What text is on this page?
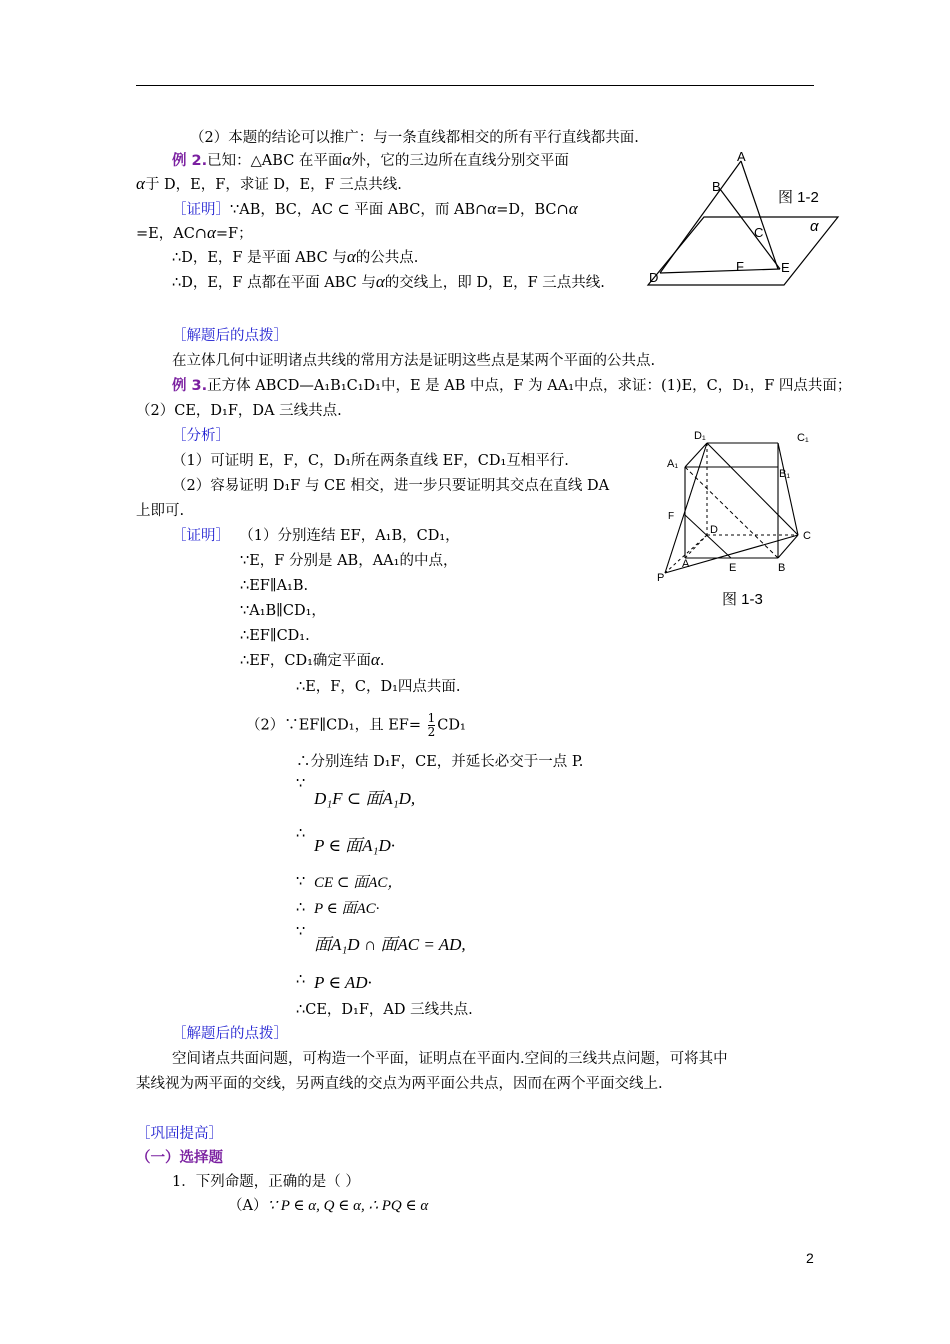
（2）本题的结论可以推广：与一条直线都相交的所有平行直线都共面.
例 2.已知：△ABC 在平面α外，它的三边所在直线分别交平面
α于 D，E，F，求证 D，E，F 三点共线.
［证明］∵AB，BC，AC ⊂ 平面 ABC，而 AB∩α=D，BC∩α
=E，AC∩α=F；
∴D，E，F 是平面 ABC 与α的公共点.
∴D，E，F 点都在平面 ABC 与α的交线上，即 D，E，F 三点共线.
A
B
C
D
E
F
α
图 1-2
［解题后的点拨］
在立体几何中证明诸点共线的常用方法是证明这些点是某两个平面的公共点.
例 3.正方体 ABCD—A₁B₁C₁D₁中，E 是 AB 中点，F 为 AA₁中点，求证：(1)E，C，D₁，F 四点共面；
（2）CE，D₁F，DA 三线共点.
［分析］
（1）可证明 E，F，C，D₁所在两条直线 EF，CD₁互相平行.
（2）容易证明 D₁F 与 CE 相交，进一步只要证明其交点在直线 DA
上即可.
D₁	C₁
A₁
B₁
F
D	C
P
A	E	B
图 1-3
［证明］ （1）分别连结 EF，A₁B，CD₁，
∵E，F 分别是 AB，AA₁的中点，
∴EF∥A₁B.
∵A₁B∥CD₁，
∴EF∥CD₁.
∴EF，CD₁确定平面α.
∴E，F，C，D₁四点共面.
（2）∵EF∥CD₁，且 $EF= \frac{1}{2} CD_1$
∴分别连结 D₁F，CE，并延长必交于一点 P.
∵
D₁F ⊂ 面A₁D,
∴
P ∈ 面A₁D·
∵ CE ⊂ 面AC，
∴ P ∈ 面AC·
∵
面A₁D ∩ 面AC = AD,
∴ P ∈ AD·
∴CE，D₁F，AD 三线共点.
［解题后的点拨］
空间诸点共面问题，可构造一个平面，证明点在平面内.空间的三线共点问题，可将其中
某线视为两平面的交线，另两直线的交点为两平面公共点，因而在两个平面交线上.
［巩固提高］
（一）选择题
1．下列命题，正确的是（ ）
（A）∵ P ∈ α, Q ∈ α, ∴ PQ ∈ α
2
